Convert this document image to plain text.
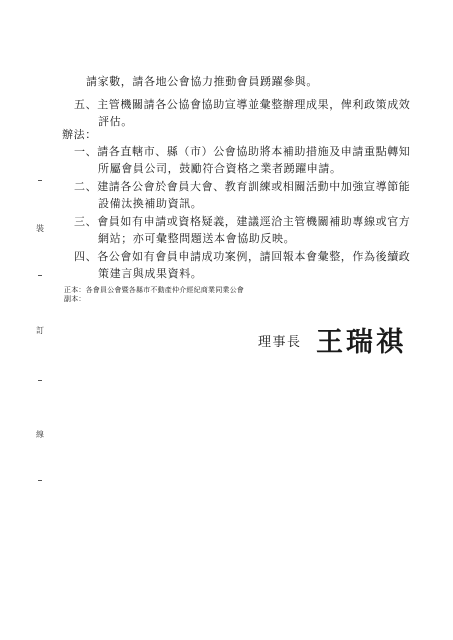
請家數，請各地公會協力推動會員踴躍參與。
五、主管機關請各公協會協助宣導並彙整辦理成果，俾利政策成效
評估。
辦法：
一、請各直轄市、縣（市）公會協助將本補助措施及申請重點轉知
所屬會員公司，鼓勵符合資格之業者踴躍申請。
二、建請各公會於會員大會、教育訓練或相關活動中加強宣導節能
設備汰換補助資訊。
三、會員如有申請或資格疑義，建議逕洽主管機關補助專線或官方
網站；亦可彙整問題送本會協助反映。
四、各公會如有會員申請成功案例，請回報本會彙整，作為後續政
策建言與成果資料。
正本：各會員公會暨各縣市不動產仲介經紀商業同業公會
副本：
理事長 王瑞祺
裝
訂
線
